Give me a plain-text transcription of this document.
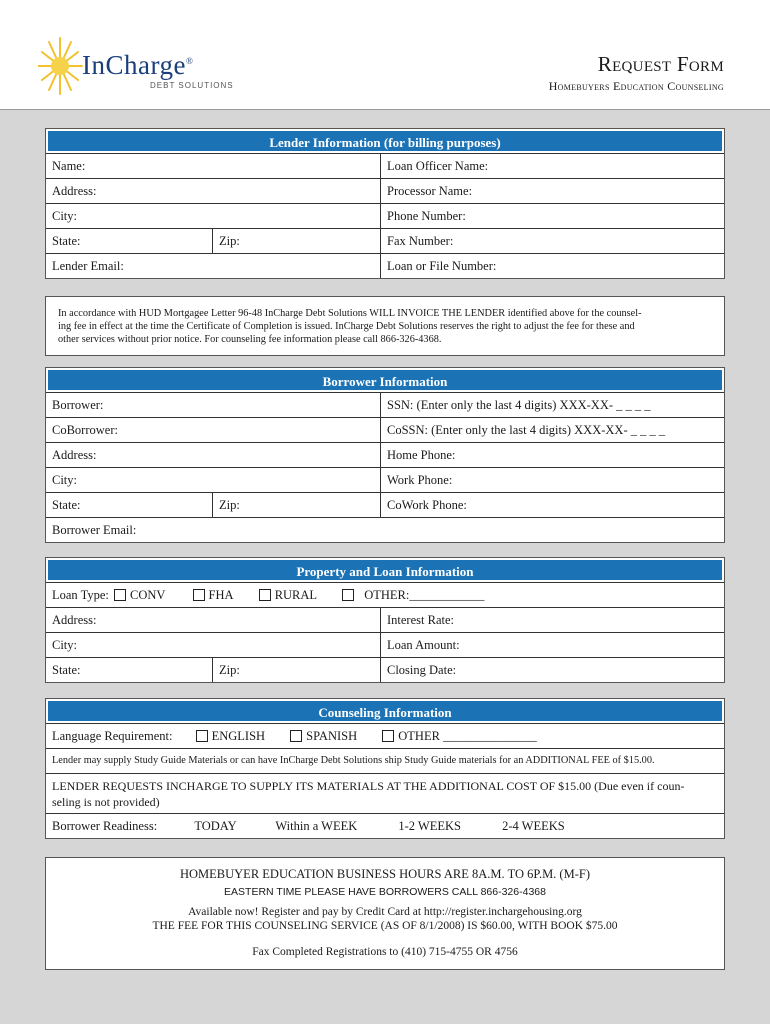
InCharge®
DEBT SOLUTIONS
Request Form
Homebuyers Education Counseling
Lender Information (for billing purposes)
Name:	Loan Officer Name:
Address:	Processor Name:
City:	Phone Number:
State:	Zip:	Fax Number:
Lender Email:	Loan or File Number:
In accordance with HUD Mortgagee Letter 96-48 InCharge Debt Solutions WILL INVOICE THE LENDER identified above for the counsel-
ing fee in effect at the time the Certificate of Completion is issued. InCharge Debt Solutions reserves the right to adjust the fee for these and
other services without prior notice. For counseling fee information please call 866-326-4368.
Borrower Information
Borrower:	SSN: (Enter only the last 4 digits) XXX-XX- _ _ _ _
CoBorrower:	CoSSN: (Enter only the last 4 digits) XXX-XX- _ _ _ _
Address:	Home Phone:
City:	Work Phone:
State:	Zip:	CoWork Phone:
Borrower Email:
Property and Loan Information
Loan Type: CONV	FHA	RURAL	OTHER:____________
Address:	Interest Rate:
City:	Loan Amount:
State:	Zip:	Closing Date:
Counseling Information
Language Requirement:	ENGLISH	SPANISH	OTHER _______________
Lender may supply Study Guide Materials or can have InCharge Debt Solutions ship Study Guide materials for an ADDITIONAL FEE of $15.00.
LENDER REQUESTS INCHARGE TO SUPPLY ITS MATERIALS AT THE ADDITIONAL COST OF $15.00 (Due even if coun-
seling is not provided)
Borrower Readiness:	TODAY	Within a WEEK	1-2 WEEKS	2-4 WEEKS
HOMEBUYER EDUCATION BUSINESS HOURS ARE 8A.M. TO 6P.M. (M-F)
EASTERN TIME PLEASE HAVE BORROWERS CALL 866-326-4368
Available now! Register and pay by Credit Card at http://register.inchargehousing.org
THE FEE FOR THIS COUNSELING SERVICE (AS OF 8/1/2008) IS $60.00, WITH BOOK $75.00
Fax Completed Registrations to (410) 715-4755 OR 4756
